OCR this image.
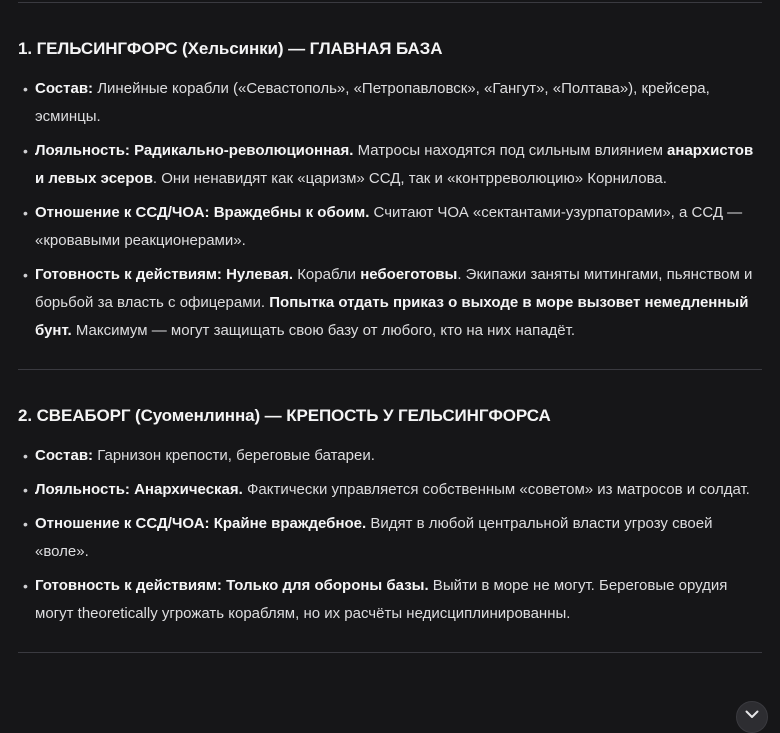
1. ГЕЛЬСИНГФОРС (Хельсинки) — ГЛАВНАЯ БАЗА
• Состав: Линейные корабли («Севастополь», «Петропавловск», «Гангут», «Полтава»), крейсера, эсминцы.
• Лояльность: Радикально-революционная. Матросы находятся под сильным влиянием анархистов и левых эсеров. Они ненавидят как «царизм» ССД, так и «контрреволюцию» Корнилова.
• Отношение к ССД/ЧОА: Враждебны к обоим. Считают ЧОА «сектантами-узурпаторами», а ССД — «кровавыми реакционерами».
• Готовность к действиям: Нулевая. Корабли небоеготовы. Экипажи заняты митингами, пьянством и борьбой за власть с офицерами. Попытка отдать приказ о выходе в море вызовет немедленный бунт. Максимум — могут защищать свою базу от любого, кто на них нападёт.
2. СВЕАБОРГ (Суоменлинна) — КРЕПОСТЬ У ГЕЛЬСИНГФОРСА
• Состав: Гарнизон крепости, береговые батареи.
• Лояльность: Анархическая. Фактически управляется собственным «советом» из матросов и солдат.
• Отношение к ССД/ЧОА: Крайне враждебное. Видят в любой центральной власти угрозу своей «воле».
• Готовность к действиям: Только для обороны базы. Выйти в море не могут. Береговые орудия могут theoretically угрожать кораблям, но их расчёты недисциплинированны.
